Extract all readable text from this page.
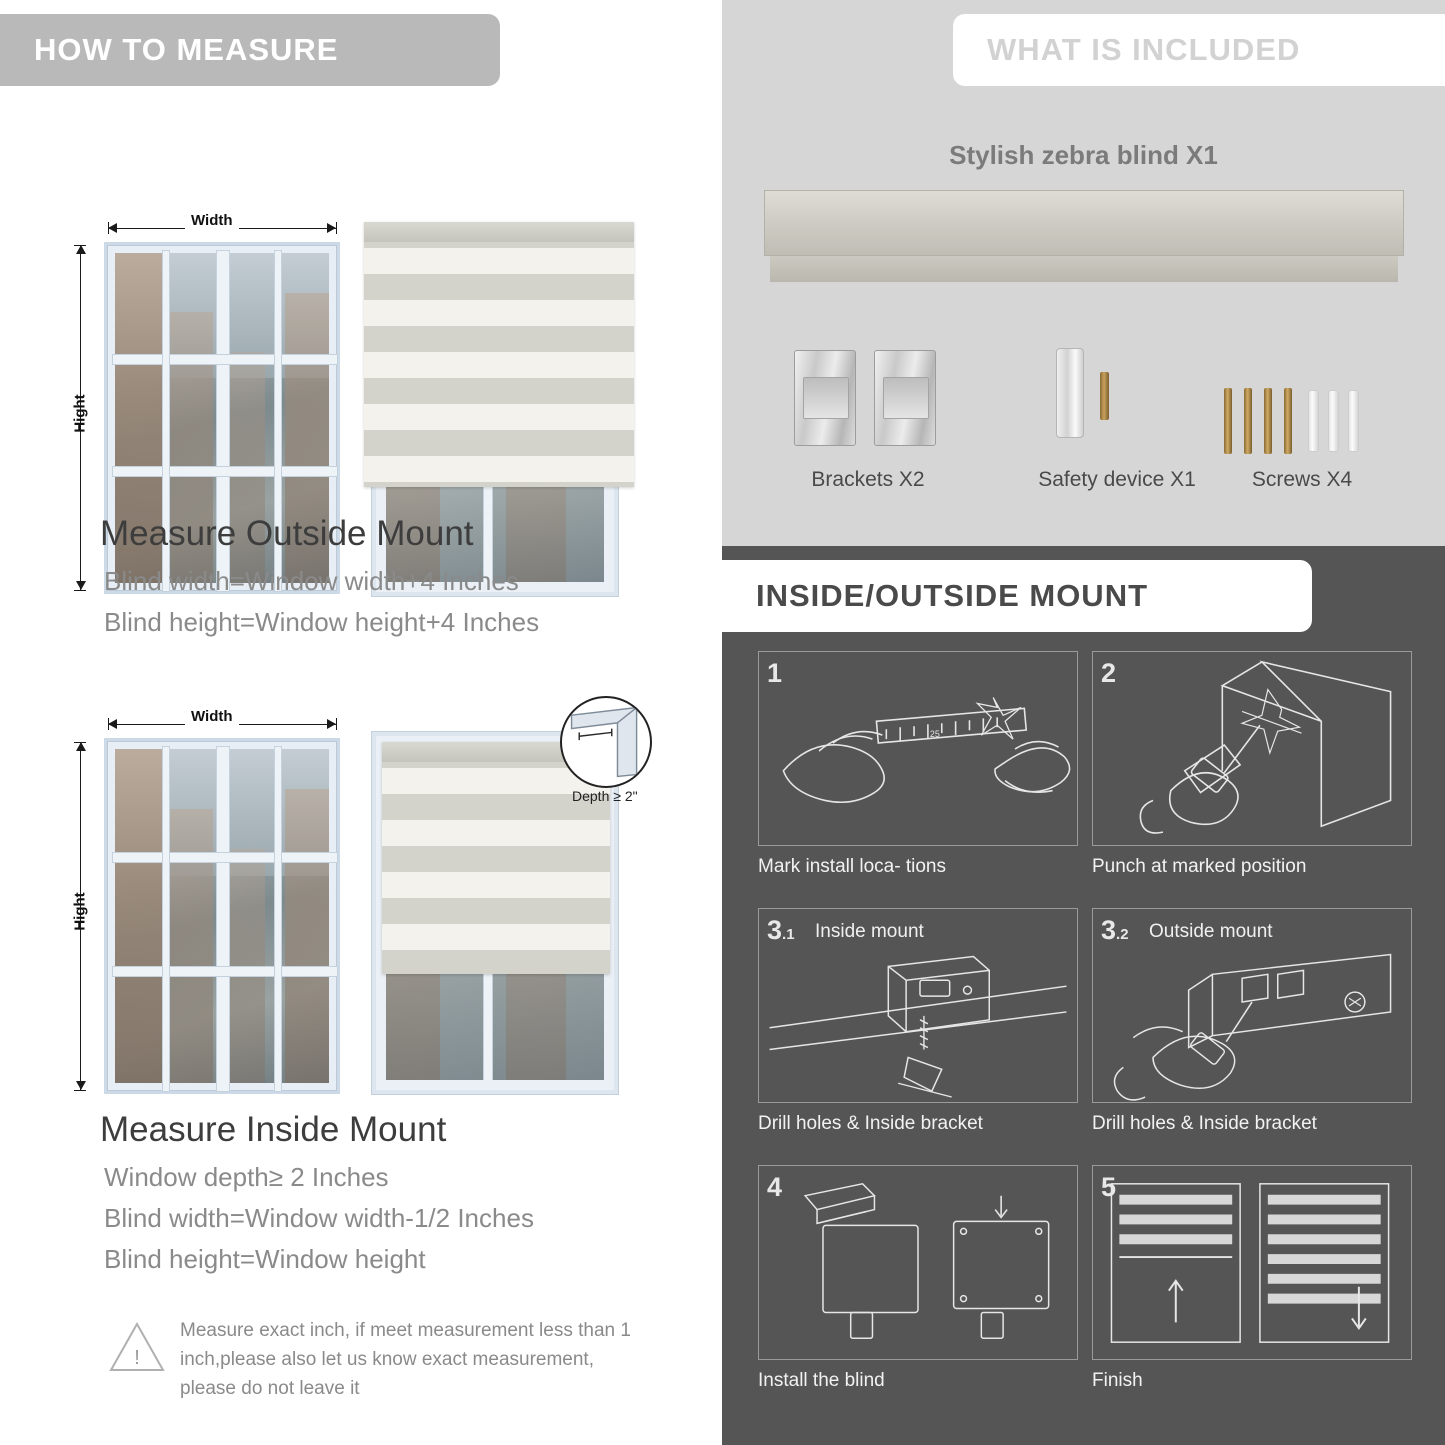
HOW TO MEASURE
Width
Hight
Measure Outside Mount
Blind width=Window width+4 Inches
Blind height=Window height+4 Inches
Width
Hight
Depth ≥ 2"
Measure Inside Mount
Window depth≥ 2 Inches
Blind width=Window width-1/2 Inches
Blind height=Window height
!
Measure exact inch, if meet measurement less than 1 inch,please also let us know exact measurement, please do not leave it
WHAT IS INCLUDED
Stylish zebra blind X1
Brackets X2	Safety device X1	Screws X4
INSIDE/OUTSIDE MOUNT
25
1
Mark install loca- tions
2
Punch at marked position
3.1 Inside mount
Drill holes & Inside bracket
3.2 Outside mount
Drill holes & Inside bracket
4
Install the blind
5
Finish
